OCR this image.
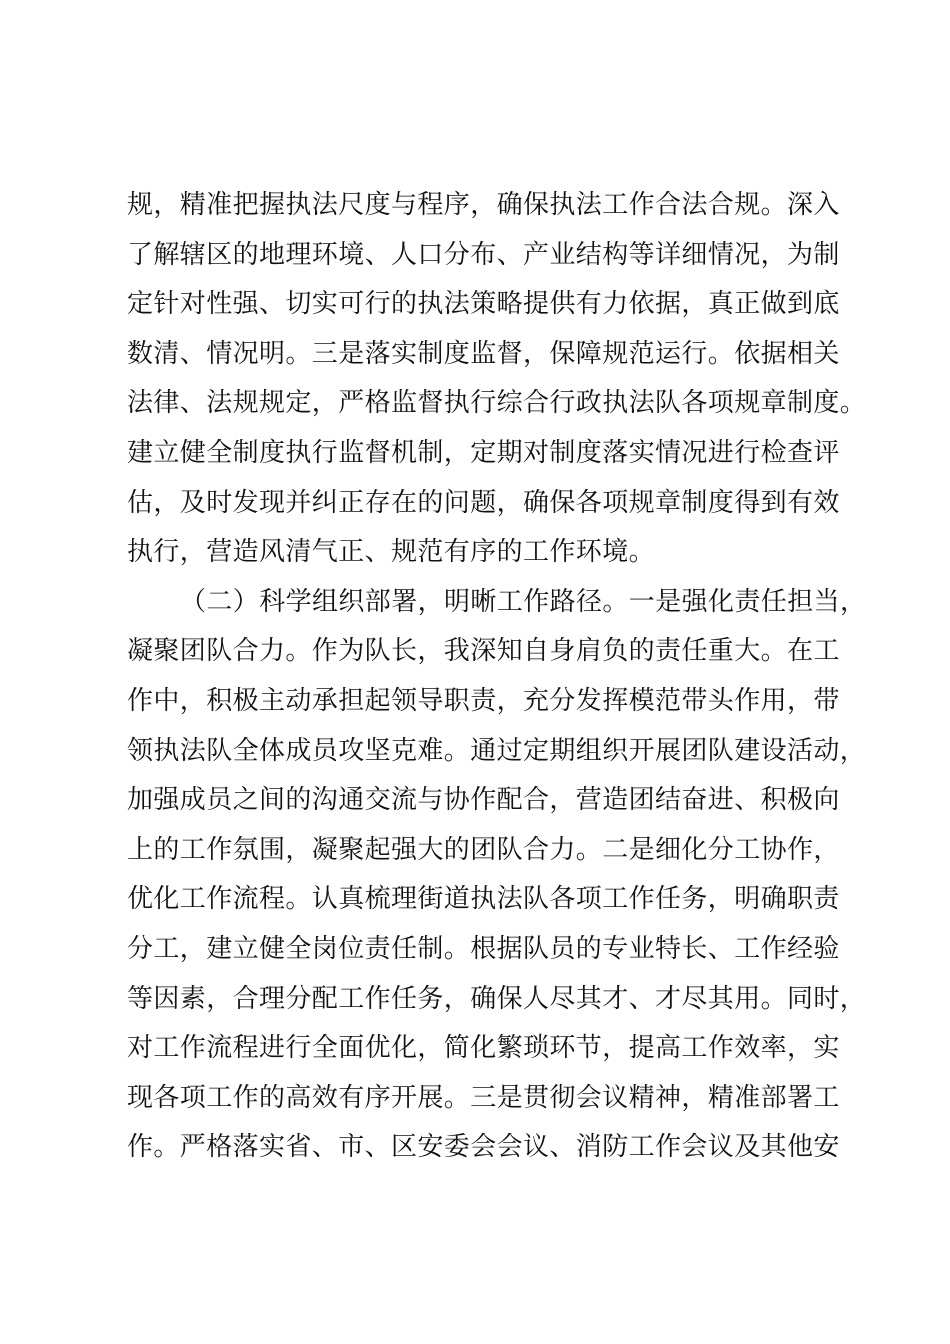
规，精准把握执法尺度与程序，确保执法工作合法合规。深入
了解辖区的地理环境、人口分布、产业结构等详细情况，为制
定针对性强、切实可行的执法策略提供有力依据，真正做到底
数清、情况明。三是落实制度监督，保障规范运行。依据相关
法律、法规规定，严格监督执行综合行政执法队各项规章制度。
建立健全制度执行监督机制，定期对制度落实情况进行检查评
估，及时发现并纠正存在的问题，确保各项规章制度得到有效
执行，营造风清气正、规范有序的工作环境。
（二）科学组织部署，明晰工作路径。一是强化责任担当，
凝聚团队合力。作为队长，我深知自身肩负的责任重大。在工
作中，积极主动承担起领导职责，充分发挥模范带头作用，带
领执法队全体成员攻坚克难。通过定期组织开展团队建设活动，
加强成员之间的沟通交流与协作配合，营造团结奋进、积极向
上的工作氛围，凝聚起强大的团队合力。二是细化分工协作，
优化工作流程。认真梳理街道执法队各项工作任务，明确职责
分工，建立健全岗位责任制。根据队员的专业特长、工作经验
等因素，合理分配工作任务，确保人尽其才、才尽其用。同时，
对工作流程进行全面优化，简化繁琐环节，提高工作效率，实
现各项工作的高效有序开展。三是贯彻会议精神，精准部署工
作。严格落实省、市、区安委会会议、消防工作会议及其他安
